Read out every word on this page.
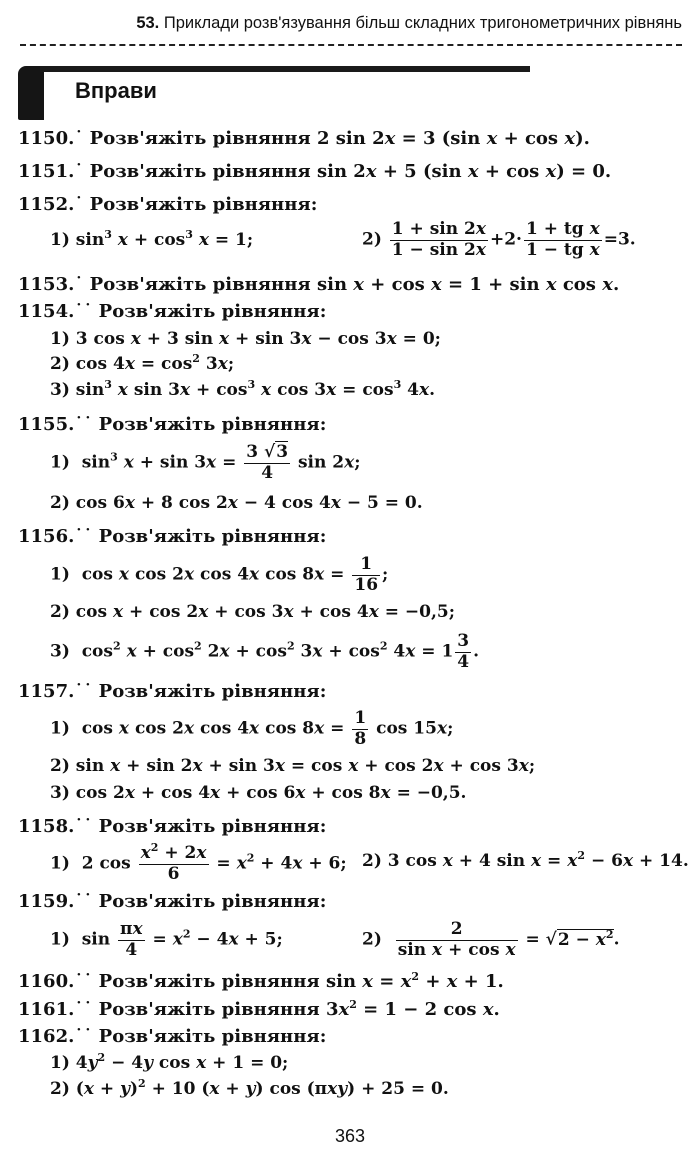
53. Приклади розв'язування більш складних тригонометричних рівнянь
Вправи
1150.˙ Розв'яжіть рівняння 2 sin 2x = 3 (sin x + cos x).
1151.˙ Розв'яжіть рівняння sin 2x + 5 (sin x + cos x) = 0.
1152.˙ Розв'яжіть рівняння:
1) $\sin^3 x + \cos^3 x = 1$;	$2) \frac{1 + \sin 2x}{1 - \sin 2x} +2\cdot \frac{\text{1 + tg x}}{\text{1 − tg x}} =3$.
1153.˙ Розв'яжіть рівняння sin x + cos x = 1 + sin x cos x.
1154.˙˙ Розв'яжіть рівняння:
1) 3 cos x + 3 sin x + sin 3x − cos 3x = 0;
2) $\cos 4x = \cos^2 3x$;
3) $\sin^3 x$ $\sin 3x + \cos^3 x$ $\cos 3x = \cos^3 4x$.
1155.˙˙ Розв'яжіть рівняння:
1)  $\sin^3 x + \sin 3x = \frac{3 √3}{4}$ sin 2x;
2) cos 6x + 8 cos 2x − 4 cos 4x − 5 = 0.
1156.˙˙ Розв'яжіть рівняння:
1)  cos x cos 2x cos 4x $\cos 8x = \frac{1}{16}$ ;
2) cos x + cos 2x + cos 3x + cos 4x = −0,5;
3)  $\cos^2 x + \cos^2 2x + \cos^2 3x + \cos^2 4x = 1 \frac{3}{4}$ .
1157.˙˙ Розв'яжіть рівняння:
1)  cos x cos 2x cos 4x $\cos 8x = \frac{1}{8}$ cos 15x;
2) sin x + sin 2x + sin 3x = cos x + cos 2x + cos 3x;
3) cos 2x + cos 4x + cos 6x + cos 8x = −0,5.
1158.˙˙ Розв'яжіть рівняння:
1)  2 $\cos \frac{x^2 + 2x}{6} = x^2 + 4x + 6$; 2) 3 cos x + 4 $\sin x = x^2 - 6x + 14$.
1159.˙˙ Розв'яжіть рівняння:
1)  $\sin \frac{\pi x}{4} = x^2 - 4x + 5$;	$2) \frac{2}{\text{sin x + cos x}} = √2 - x^2$.
1160.˙˙ Розв'яжіть рівняння $\sin x = x^2 + x + 1$.
1161.˙˙ Розв'яжіть рівняння $3x^2 = 1 - 2$ cos x.
1162.˙˙ Розв'яжіть рівняння:
1) $4y^2 - 4y$ cos x + 1 = 0;
2) $(x + y)^2 + 10$ (x + y) cos (πxy) + 25 = 0.
363
